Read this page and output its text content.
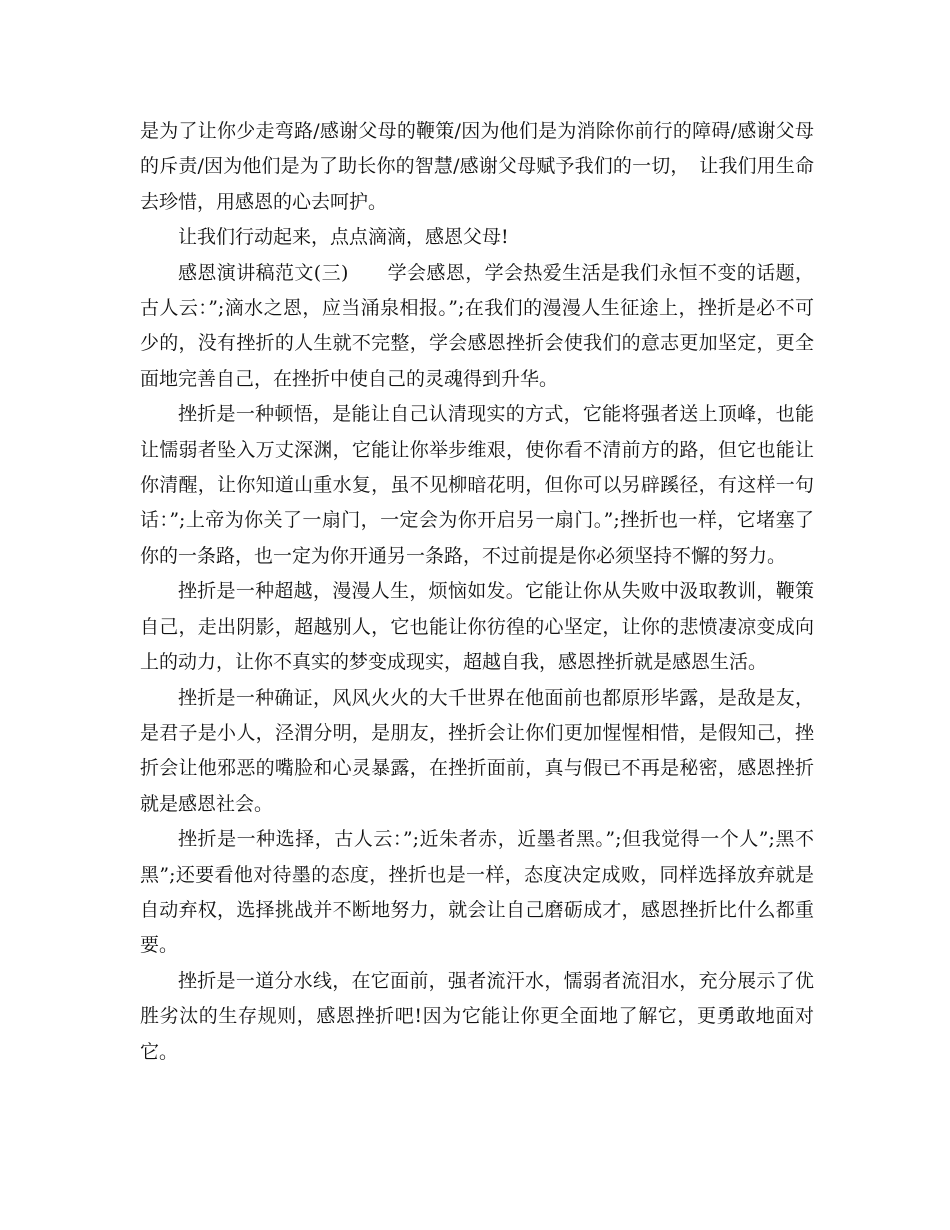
是为了让你少走弯路/感谢父母的鞭策/因为他们是为消除你前行的障碍/感谢父母的斥责/因为他们是为了助长你的智慧/感谢父母赋予我们的一切，　让我们用生命去珍惜，用感恩的心去呵护。

让我们行动起来，点点滴滴，感恩父母!

感恩演讲稿范文(三)　　学会感恩，学会热爱生活是我们永恒不变的话题，古人云：”;滴水之恩，应当涌泉相报。”;在我们的漫漫人生征途上，挫折是必不可少的，没有挫折的人生就不完整，学会感恩挫折会使我们的意志更加坚定，更全面地完善自己，在挫折中使自己的灵魂得到升华。

挫折是一种顿悟，是能让自己认清现实的方式，它能将强者送上顶峰，也能让懦弱者坠入万丈深渊，它能让你举步维艰，使你看不清前方的路，但它也能让你清醒，让你知道山重水复，虽不见柳暗花明，但你可以另辟蹊径，有这样一句话：”;上帝为你关了一扇门，一定会为你开启另一扇门。”;挫折也一样，它堵塞了你的一条路，也一定为你开通另一条路，不过前提是你必须坚持不懈的努力。

挫折是一种超越，漫漫人生，烦恼如发。它能让你从失败中汲取教训，鞭策自己，走出阴影，超越别人，它也能让你彷徨的心坚定，让你的悲愤凄凉变成向上的动力，让你不真实的梦变成现实，超越自我，感恩挫折就是感恩生活。

挫折是一种确证，风风火火的大千世界在他面前也都原形毕露，是敌是友，是君子是小人，泾渭分明，是朋友，挫折会让你们更加惺惺相惜，是假知己，挫折会让他邪恶的嘴脸和心灵暴露，在挫折面前，真与假已不再是秘密，感恩挫折就是感恩社会。

挫折是一种选择，古人云：”;近朱者赤，近墨者黑。”;但我觉得一个人”;黑不黑”;还要看他对待墨的态度，挫折也是一样，态度决定成败，同样选择放弃就是自动弃权，选择挑战并不断地努力，就会让自己磨砺成才，感恩挫折比什么都重要。

挫折是一道分水线，在它面前，强者流汗水，懦弱者流泪水，充分展示了优胜劣汰的生存规则，感恩挫折吧!因为它能让你更全面地了解它，更勇敢地面对它。
